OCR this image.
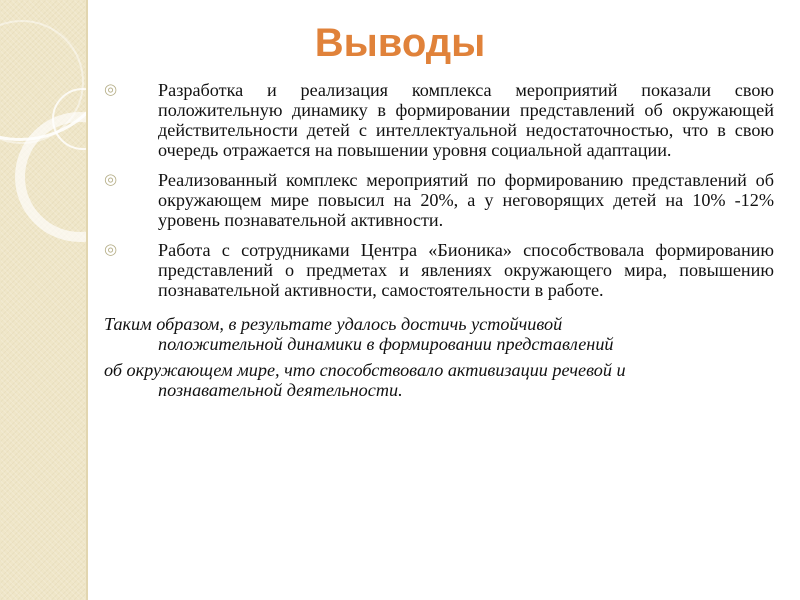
Выводы
◎ Разработка и реализация комплекса мероприятий показали свою положительную динамику в формировании представлений об окружающей действительности детей с интеллектуальной недостаточностью, что в свою очередь отражается на повышении уровня социальной адаптации.
◎ Реализованный комплекс мероприятий по формированию представлений об окружающем мире повысил на 20%, а у неговорящих детей на 10% -12% уровень познавательной активности.
◎ Работа с сотрудниками Центра «Бионика» способствовала формированию представлений о предметах и явлениях окружающего мира, повышению познавательной активности, самостоятельности в работе.
Таким образом, в результате удалось достичь устойчивой
положительной динамики в формировании представлений
об окружающем мире, что способствовало активизации речевой и
познавательной деятельности.
